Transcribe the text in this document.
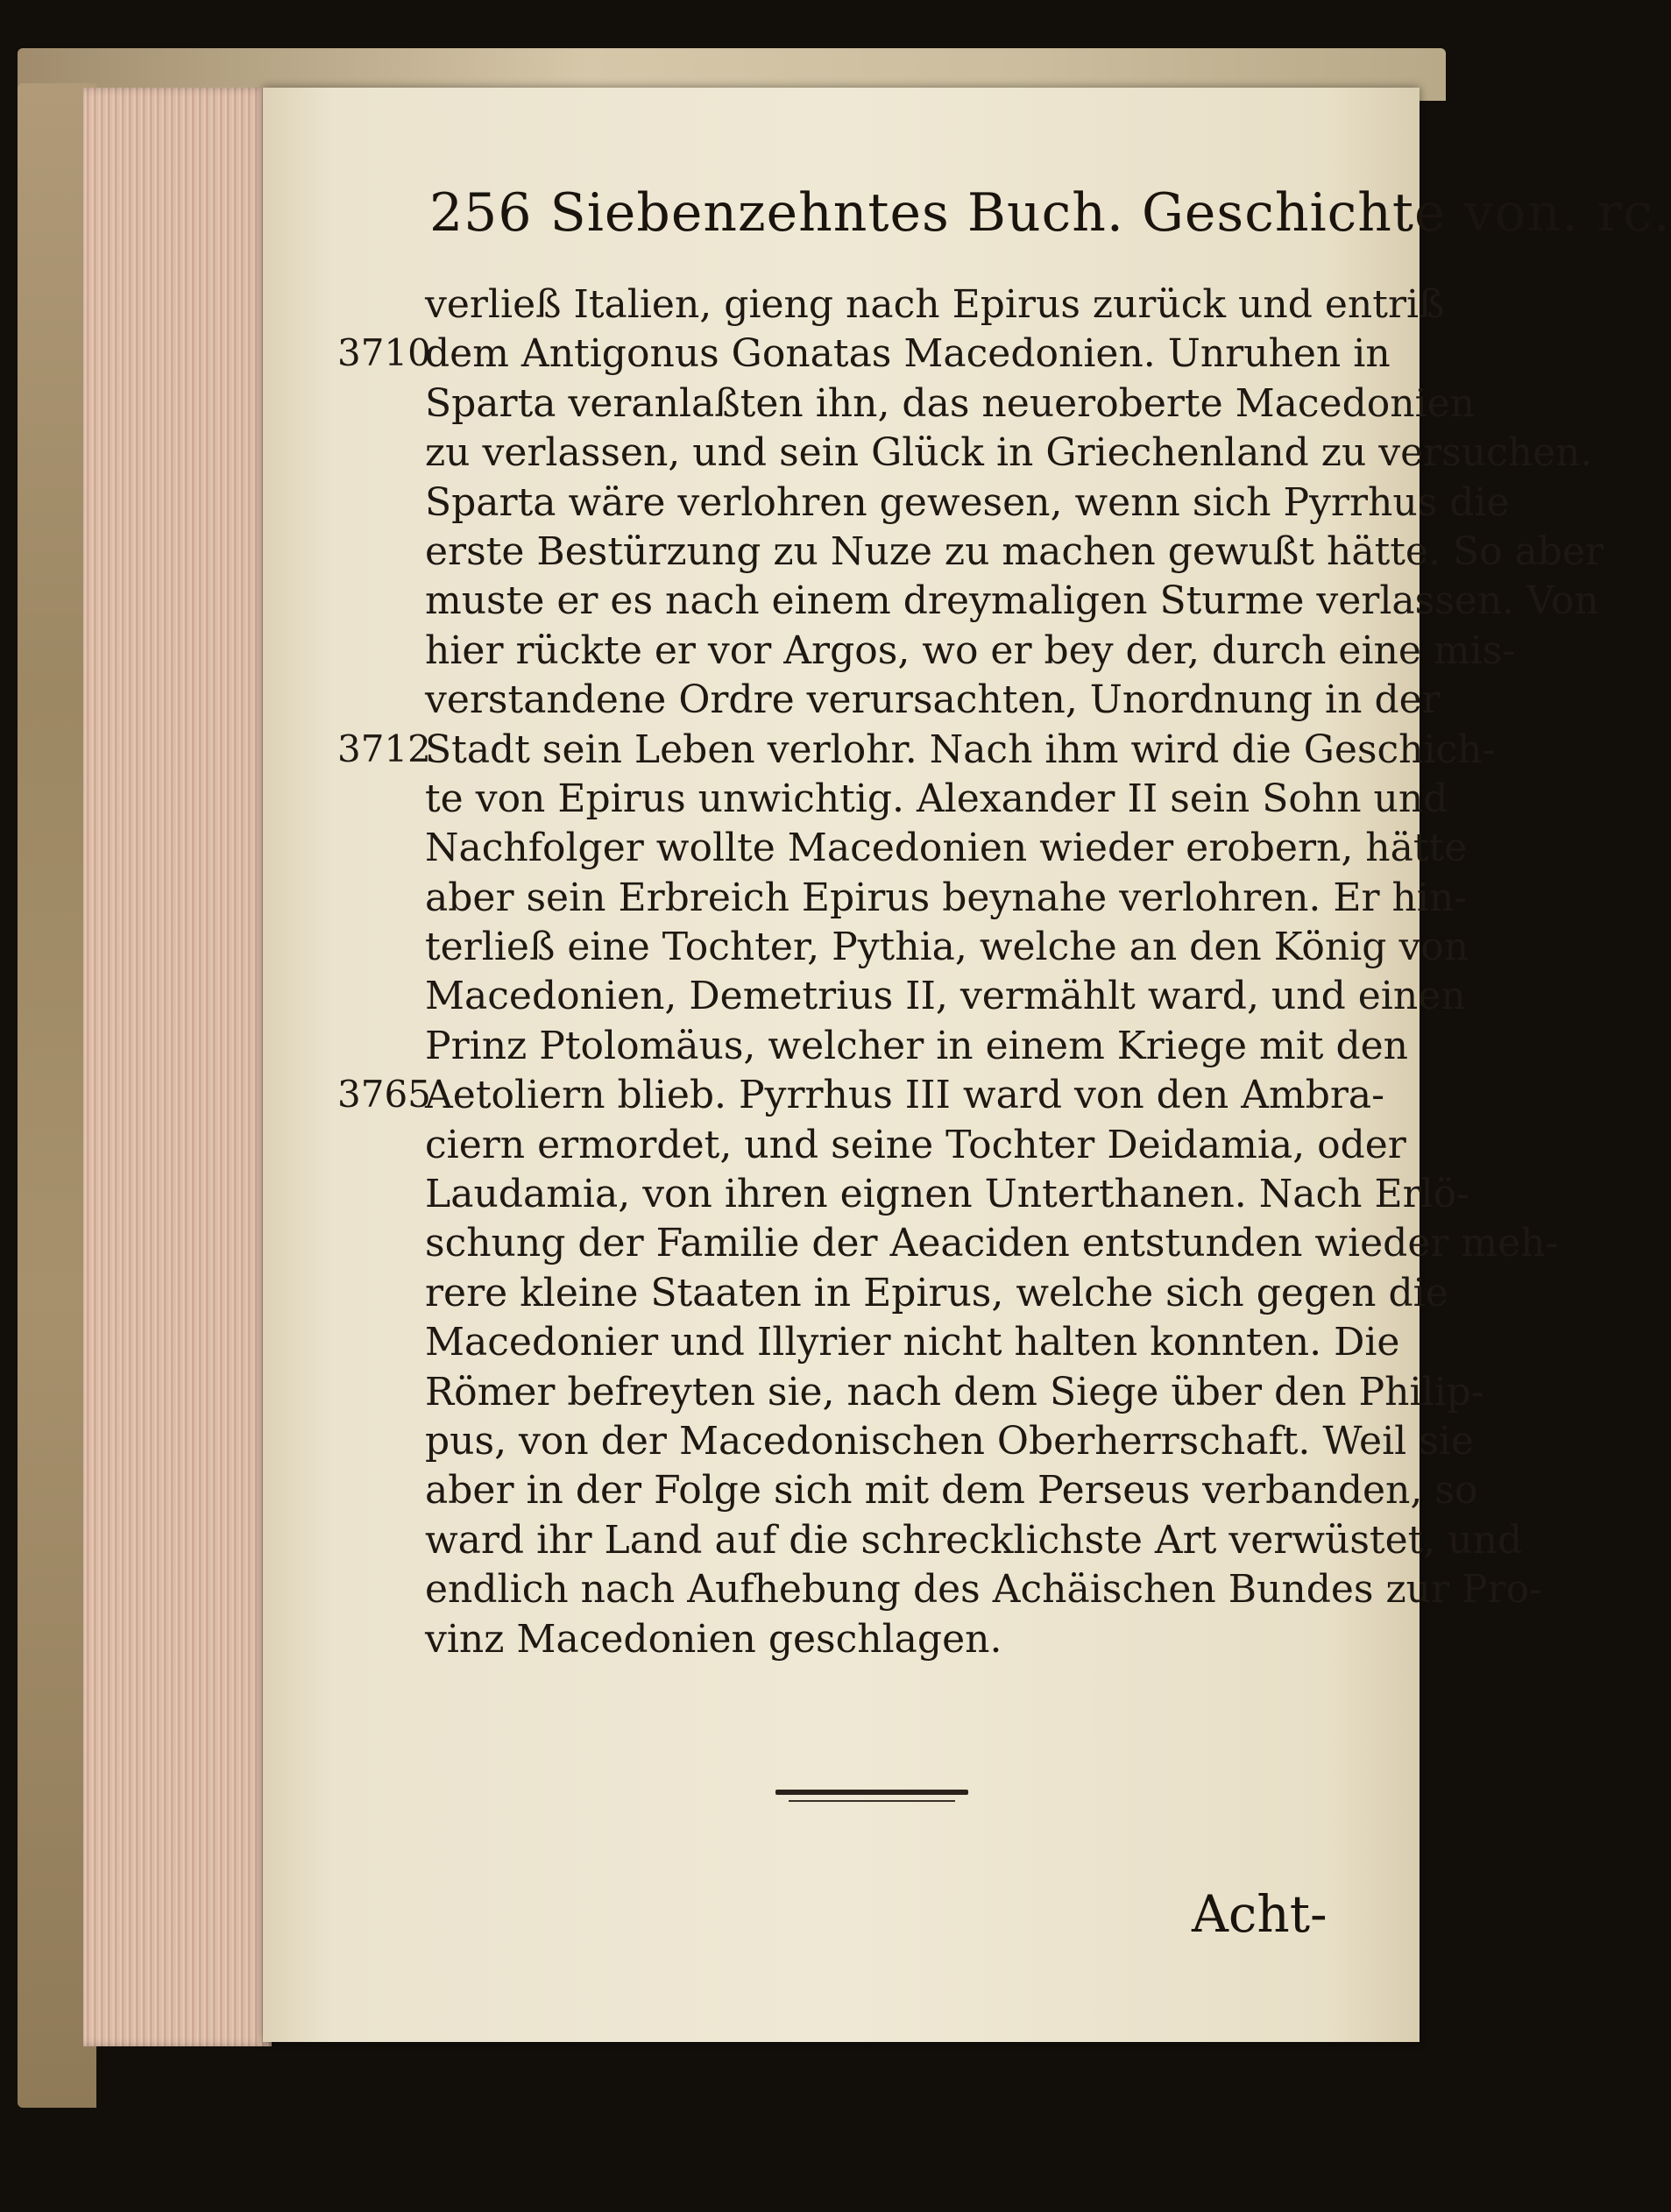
256 Siebenzehntes Buch. Geschichte von. rc.
3710
3712
3765
verließ Italien, gieng nach Epirus zurück und entriß
dem Antigonus Gonatas Macedonien. Unruhen in
Sparta veranlaßten ihn, das neueroberte Macedonien
zu verlassen, und sein Glück in Griechenland zu versuchen.
Sparta wäre verlohren gewesen, wenn sich Pyrrhus die
erste Bestürzung zu Nuze zu machen gewußt hätte. So aber
muste er es nach einem dreymaligen Sturme verlassen. Von
hier rückte er vor Argos, wo er bey der, durch eine mis-
verstandene Ordre verursachten, Unordnung in der
Stadt sein Leben verlohr. Nach ihm wird die Geschich-
te von Epirus unwichtig. Alexander II sein Sohn und
Nachfolger wollte Macedonien wieder erobern, hätte
aber sein Erbreich Epirus beynahe verlohren. Er hin-
terließ eine Tochter, Pythia, welche an den König von
Macedonien, Demetrius II, vermählt ward, und einen
Prinz Ptolomäus, welcher in einem Kriege mit den
Aetoliern blieb. Pyrrhus III ward von den Ambra-
ciern ermordet, und seine Tochter Deidamia, oder
Laudamia, von ihren eignen Unterthanen. Nach Erlö-
schung der Familie der Aeaciden entstunden wieder meh-
rere kleine Staaten in Epirus, welche sich gegen die
Macedonier und Illyrier nicht halten konnten. Die
Römer befreyten sie, nach dem Siege über den Philip-
pus, von der Macedonischen Oberherrschaft. Weil sie
aber in der Folge sich mit dem Perseus verbanden, so
ward ihr Land auf die schrecklichste Art verwüstet, und
endlich nach Aufhebung des Achäischen Bundes zur Pro-
vinz Macedonien geschlagen.
Acht-
